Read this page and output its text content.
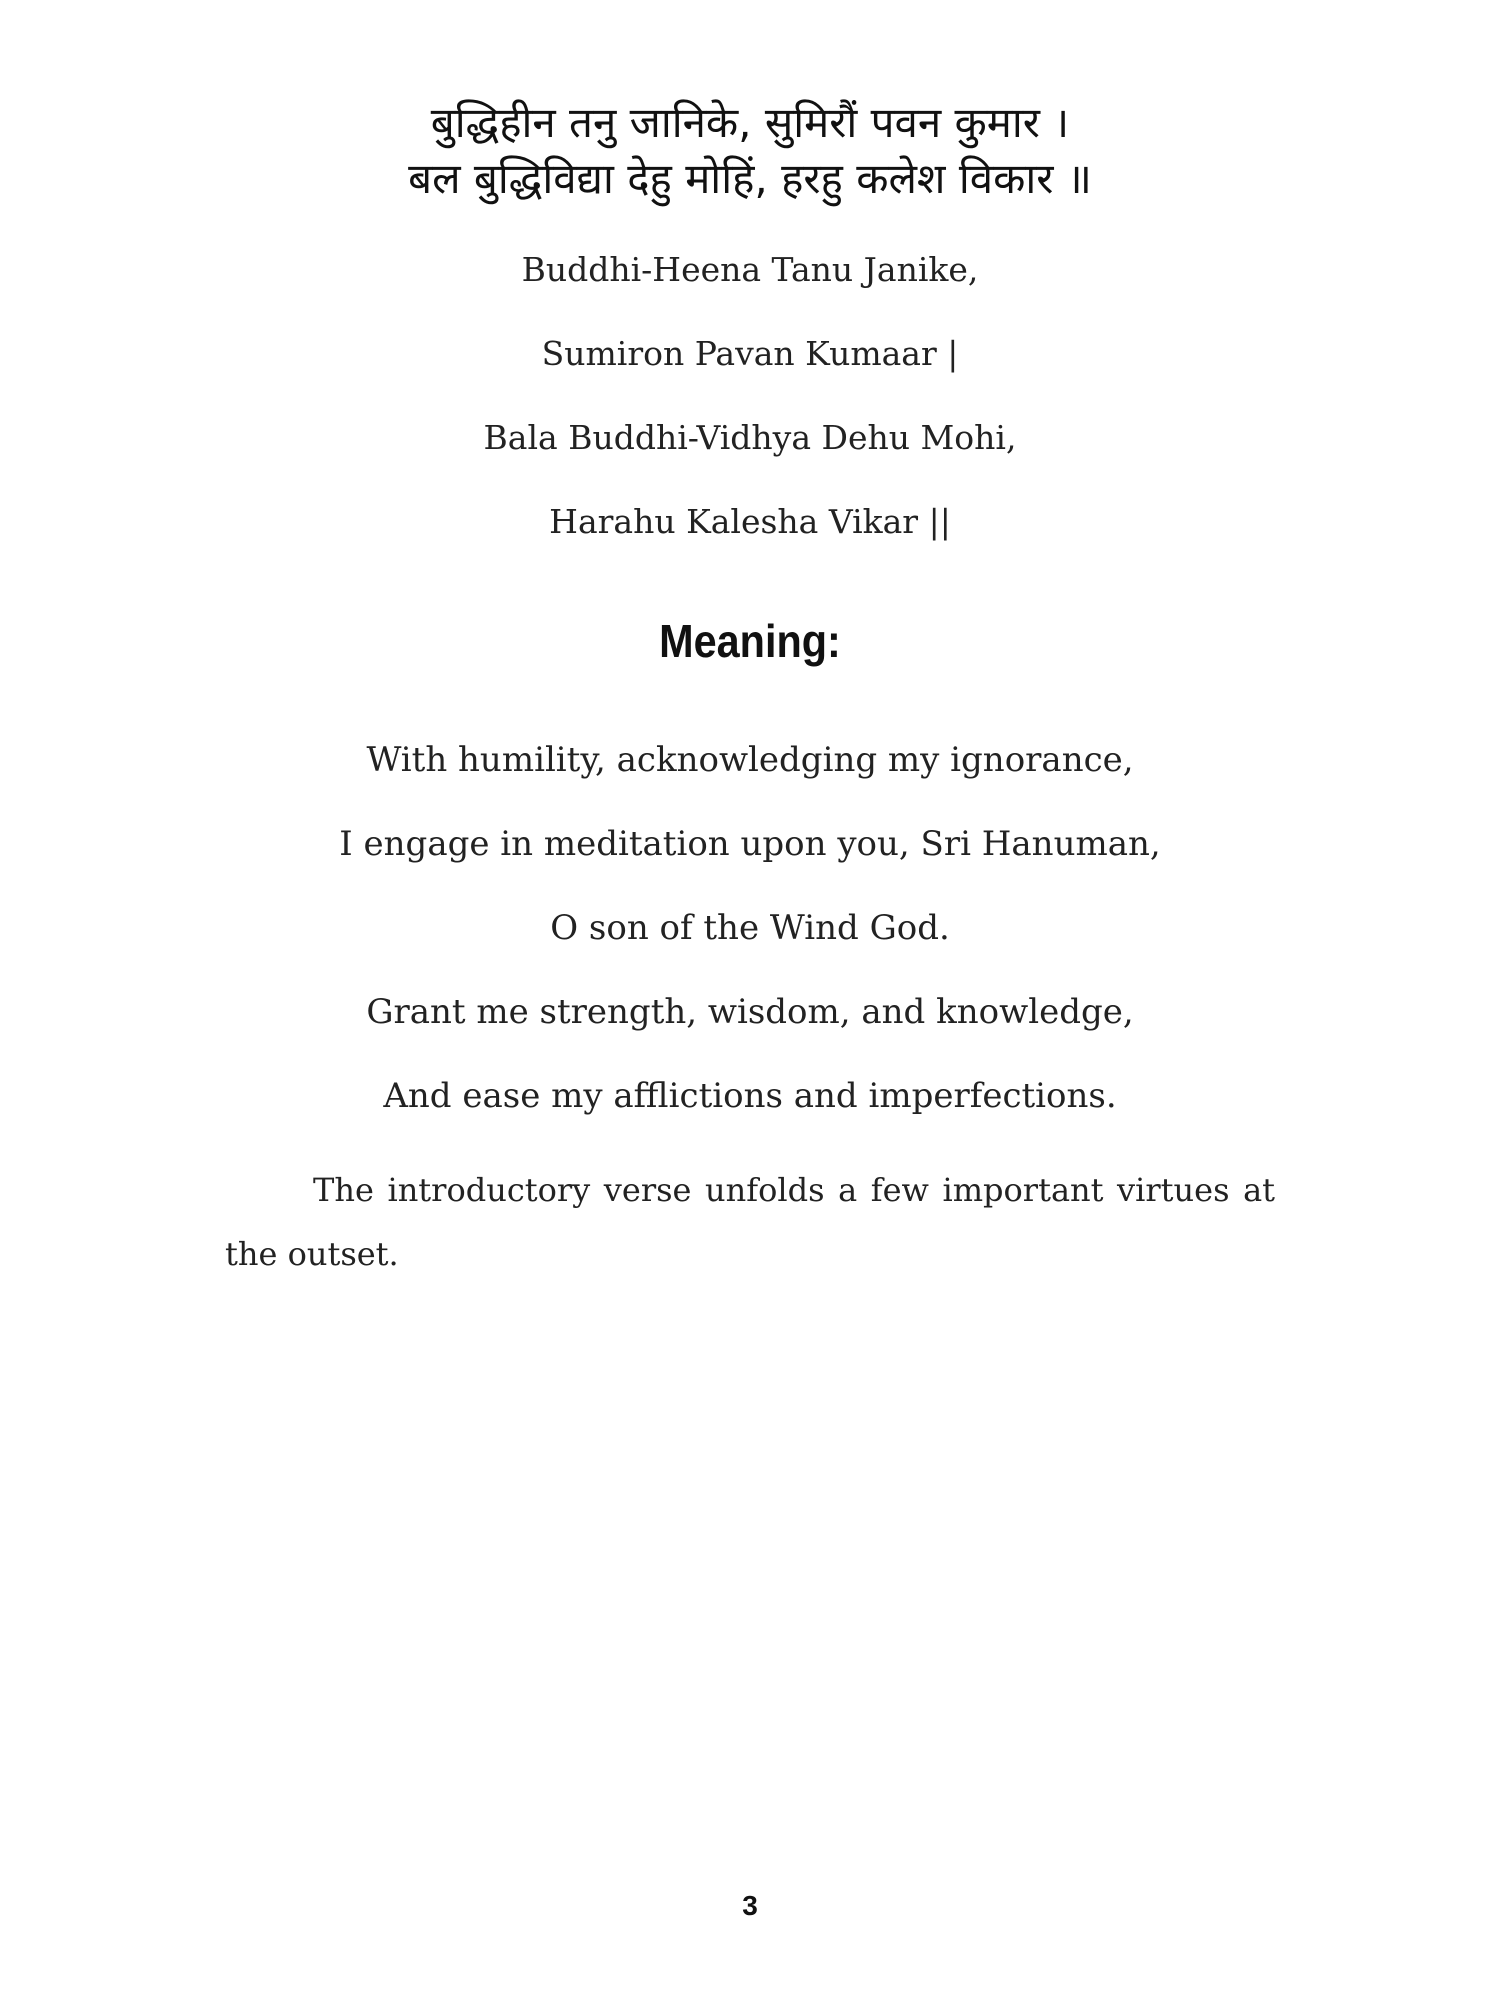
बुद्धिहीन तनु जानिके, सुमिरौं पवन कुमार ।
बल बुद्धिविद्या देहु मोहिं, हरहु कलेश विकार ॥
Buddhi-Heena Tanu Janike,
Sumiron Pavan Kumaar |
Bala Buddhi-Vidhya Dehu Mohi,
Harahu Kalesha Vikar ||
Meaning:
With humility, acknowledging my ignorance,
I engage in meditation upon you, Sri Hanuman,
O son of the Wind God.
Grant me strength, wisdom, and knowledge,
And ease my afflictions and imperfections.
The introductory verse unfolds a few important virtues at the outset.
3
